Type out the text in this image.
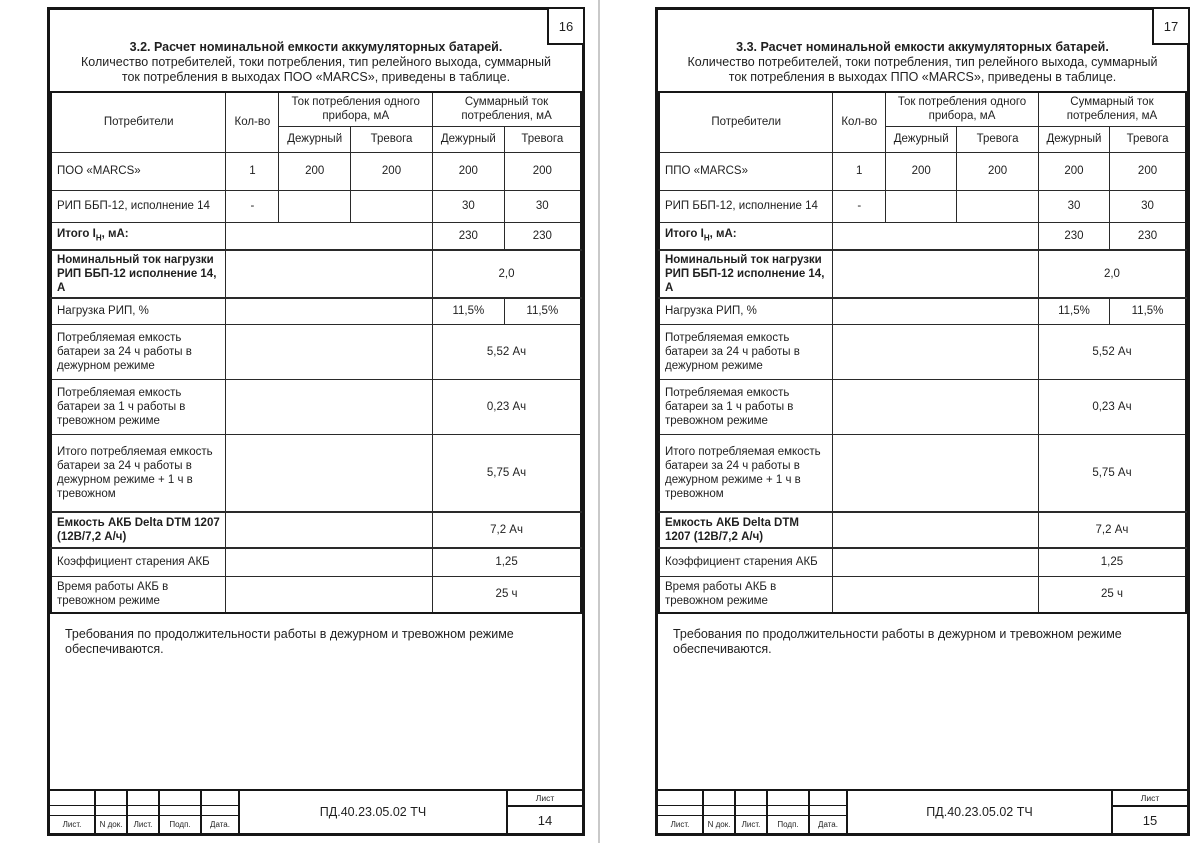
16
3.2. Расчет номинальной емкости аккумуляторных батарей.
Количество потребителей, токи потребления, тип релейного выхода, суммарный
ток потребления в выходах ПОО «MARCS», приведены в таблице.
Потребители	Кол-во	Ток потребления одного прибора, мА		Суммарный ток потребления, мА	
		Дежурный	Тревога	Дежурный	Тревога
ПОО «MARCS»	1	200	200	200	200
РИП ББП-12, исполнение 14	-			30	30
Итого $I_Н$, мА:				230	230
Номинальный ток нагрузки РИП ББП-12 исполнение 14, А				2,0	
Нагрузка РИП, %				11,5%	11,5%
Потребляемая емкость батареи за 24 ч работы в дежурном режиме				5,52 Ач	
Потребляемая емкость батареи за 1 ч работы в тревожном режиме				0,23 Ач	
Итого потребляемая емкость батареи за 24 ч работы в дежурном режиме + 1 ч в тревожном				5,75 Ач	
Емкость АКБ Delta DTM 1207 (12В/7,2 А/ч)				7,2 Ач	
Коэффициент старения АКБ				1,25	
Время работы АКБ в тревожном режиме				25 ч	
Требования по продолжительности работы в дежурном и тревожном режиме
обеспечиваются.
Лист.	N док.	Лист.	Подп.	Дата.
ПД.40.23.05.02 ТЧ
Лист
14
17
3.3. Расчет номинальной емкости аккумуляторных батарей.
Количество потребителей, токи потребления, тип релейного выхода, суммарный
ток потребления в выходах ППО «MARCS», приведены в таблице.
Потребители	Кол-во	Ток потребления одного прибора, мА		Суммарный ток потребления, мА	
		Дежурный	Тревога	Дежурный	Тревога
ППО «MARCS»	1	200	200	200	200
РИП ББП-12, исполнение 14	-			30	30
Итого $I_Н$, мА:				230	230
Номинальный ток нагрузки РИП ББП-12 исполнение 14, А				2,0	
Нагрузка РИП, %				11,5%	11,5%
Потребляемая емкость батареи за 24 ч работы в дежурном режиме				5,52 Ач	
Потребляемая емкость батареи за 1 ч работы в тревожном режиме				0,23 Ач	
Итого потребляемая емкость батареи за 24 ч работы в дежурном режиме + 1 ч в тревожном				5,75 Ач	
Емкость АКБ Delta DTM 1207 (12В/7,2 А/ч)				7,2 Ач	
Коэффициент старения АКБ				1,25	
Время работы АКБ в тревожном режиме				25 ч	
Требования по продолжительности работы в дежурном и тревожном режиме
обеспечиваются.
Лист.	N док.	Лист.	Подп.	Дата.
ПД.40.23.05.02 ТЧ
Лист
15
